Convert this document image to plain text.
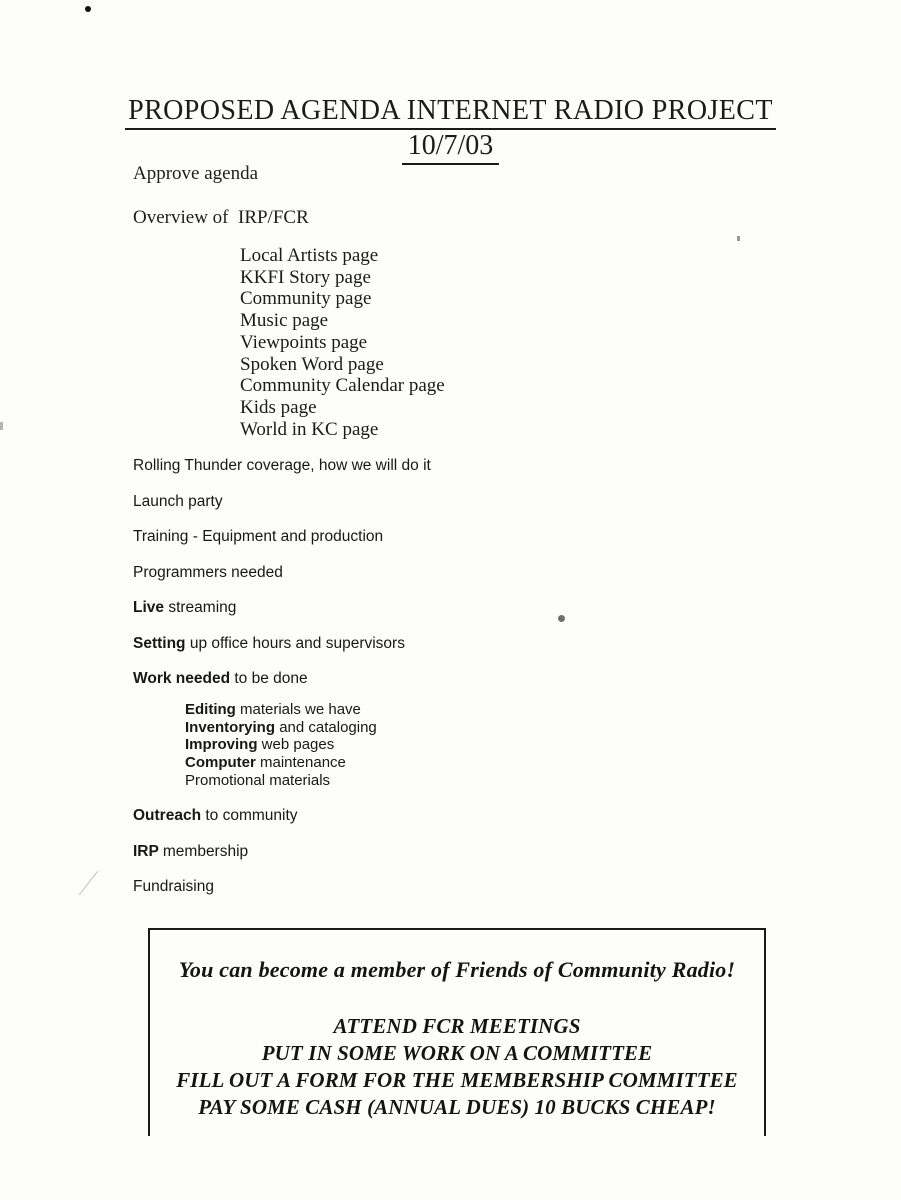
PROPOSED AGENDA INTERNET RADIO PROJECT
10/7/03
Approve agenda
Overview of  IRP/FCR
Local Artists page
KKFI Story page
Community page
Music page
Viewpoints page
Spoken Word page
Community Calendar page
Kids page
World in KC page
Rolling Thunder coverage, how we will do it
Launch party
Training - Equipment and production
Programmers needed
Live streaming
Setting up office hours and supervisors
Work needed to be done
Editing materials we have
Inventorying and cataloging
Improving web pages
Computer maintenance
Promotional materials
Outreach to community
IRP membership
Fundraising
You can become a member of Friends of Community Radio!
ATTEND FCR MEETINGS
PUT IN SOME WORK ON A COMMITTEE
FILL OUT A FORM FOR THE MEMBERSHIP COMMITTEE
PAY SOME CASH (ANNUAL DUES) 10 BUCKS CHEAP!
